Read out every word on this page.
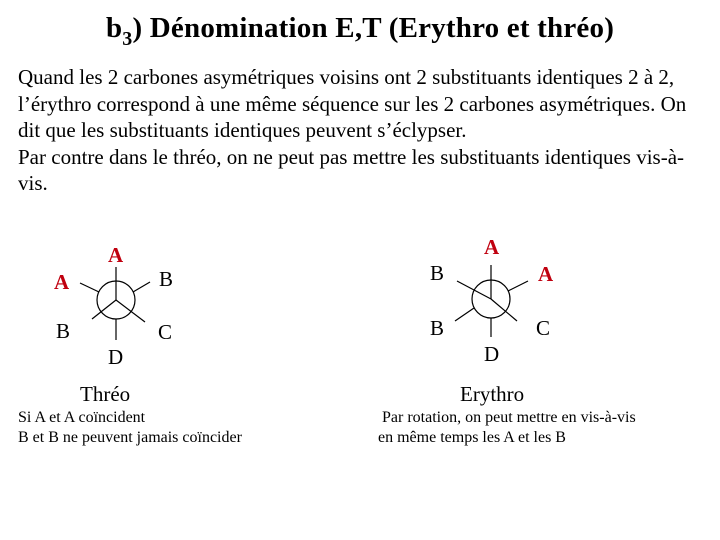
$b_3$) Dénomination E,T (Erythro et thréo)

Quand les 2 carbones asymétriques voisins ont 2 substituants identiques 2 à 2, l’érythro correspond à une même séquence sur les 2 carbones asymétriques. On dit que les substituants identiques peuvent s’éclypser.

Par contre dans le thréo, on ne peut pas mettre les substituants identiques vis-à-vis.

A
A	B
B	C
D
A
B	A
B	C
D
Thréo	Erythro
Si A et A coïncident
B et B ne peuvent jamais coïncider
Par rotation, on peut mettre en vis-à-vis
en même temps les A et les B
